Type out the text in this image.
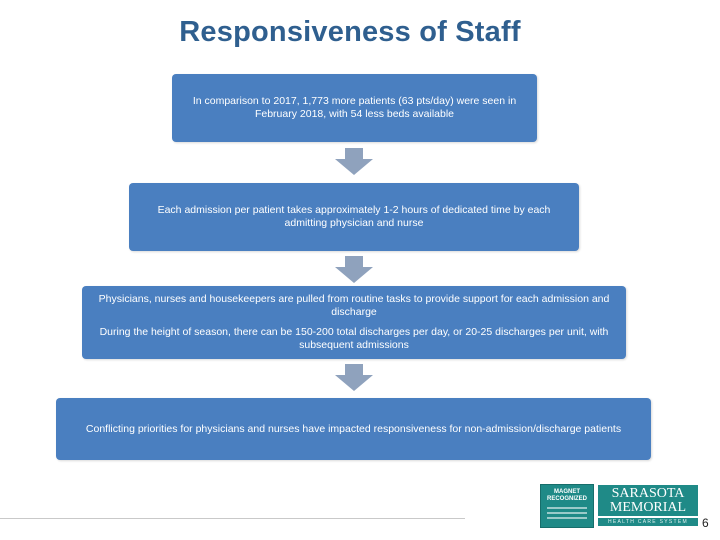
Responsiveness of Staff

In comparison to 2017, 1,773 more patients (63 pts/day) were seen in February 2018, with 54 less beds available

Each admission per patient takes approximately 1-2 hours of dedicated time by each admitting physician and nurse

Physicians, nurses and housekeepers are pulled from routine tasks to provide support for each admission and discharge

During the height of season, there can be 150-200 total discharges per day, or 20-25 discharges per unit, with subsequent admissions

Conflicting priorities for physicians and nurses have impacted responsiveness for non-admission/discharge patients

MAGNET
RECOGNIZED	SARASOTA
MEMORIAL
HEALTH CARE SYSTEM	6
